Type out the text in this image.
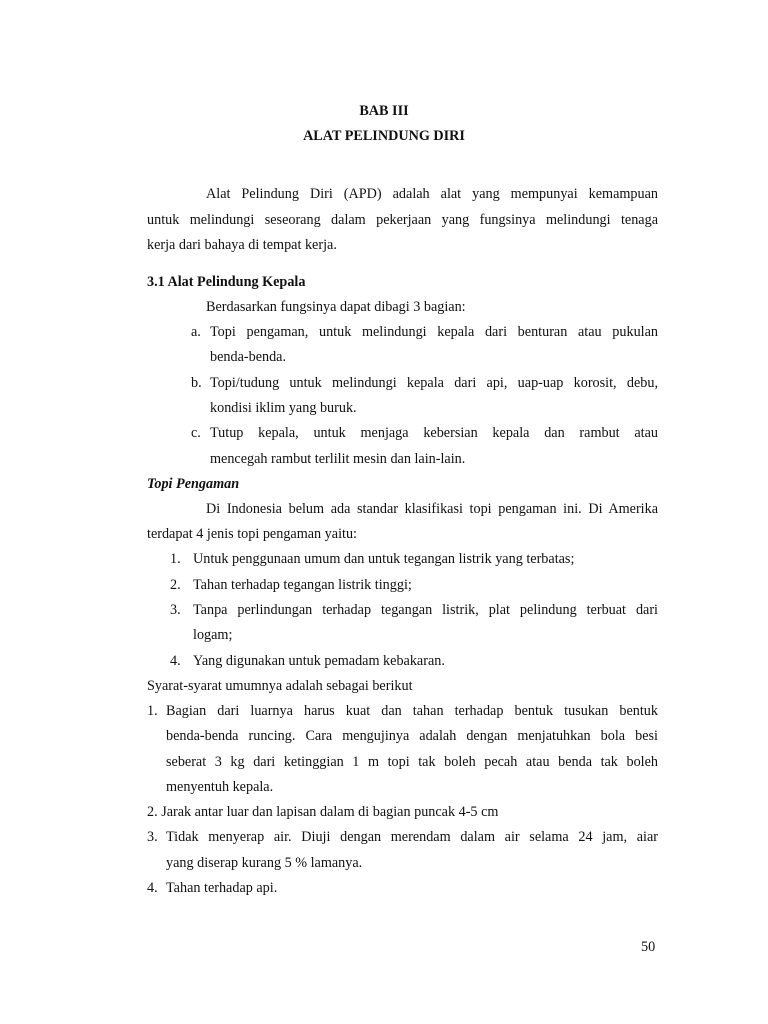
BAB III
ALAT PELINDUNG DIRI
Alat Pelindung Diri (APD) adalah alat yang mempunyai kemampuan
untuk melindungi seseorang dalam pekerjaan yang fungsinya melindungi tenaga
kerja dari bahaya di tempat kerja.
3.1 Alat Pelindung Kepala
Berdasarkan fungsinya dapat dibagi 3 bagian:
a. Topi pengaman, untuk melindungi kepala dari benturan atau pukulan
benda-benda.
b. Topi/tudung untuk melindungi kepala dari api, uap-uap korosit, debu,
kondisi iklim yang buruk.
c. Tutup kepala, untuk menjaga kebersian kepala dan rambut atau
mencegah rambut terlilit mesin dan lain-lain.
Topi Pengaman
Di Indonesia belum ada standar klasifikasi topi pengaman ini. Di Amerika
terdapat 4 jenis topi pengaman yaitu:
1. Untuk penggunaan umum dan untuk tegangan listrik yang terbatas;
2. Tahan terhadap tegangan listrik tinggi;
3. Tanpa perlindungan terhadap tegangan listrik, plat pelindung terbuat dari
logam;
4. Yang digunakan untuk pemadam kebakaran.
Syarat-syarat umumnya adalah sebagai berikut
1. Bagian dari luarnya harus kuat dan tahan terhadap bentuk tusukan bentuk
benda-benda runcing. Cara mengujinya adalah dengan menjatuhkan bola besi
seberat 3 kg dari ketinggian 1 m topi tak boleh pecah atau benda tak boleh
menyentuh kepala.
2. Jarak antar luar dan lapisan dalam di bagian puncak 4-5 cm
3. Tidak menyerap air. Diuji dengan merendam dalam air selama 24 jam, aiar
yang diserap kurang 5 % lamanya.
4. Tahan terhadap api.
50
